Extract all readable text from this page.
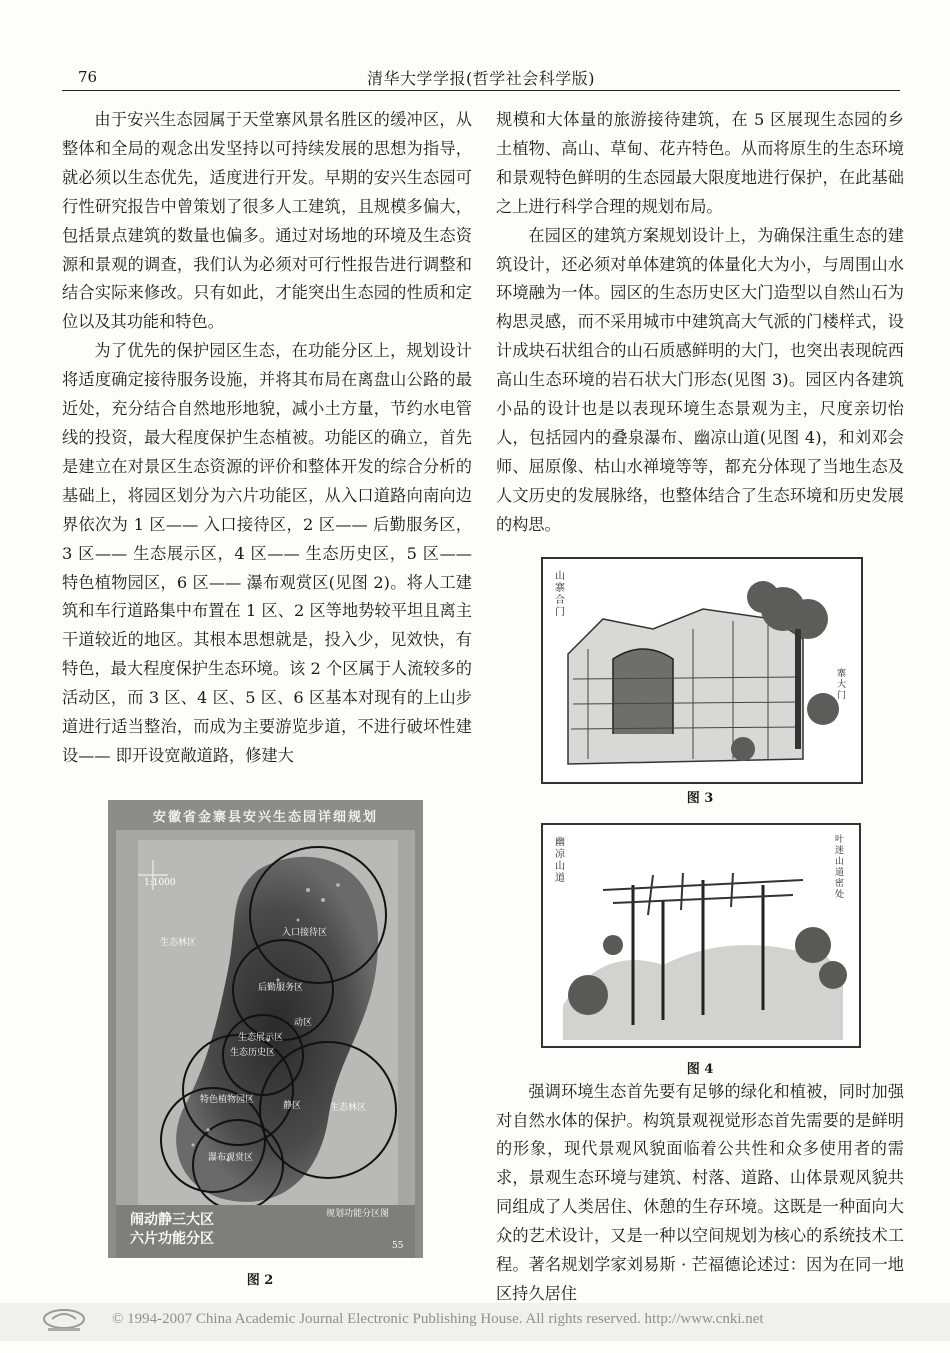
76	清华大学学报(哲学社会科学版)

由于安兴生态园属于天堂寨风景名胜区的缓冲区，从整体和全局的观念出发坚持以可持续发展的思想为指导，就必须以生态优先，适度进行开发。早期的安兴生态园可行性研究报告中曾策划了很多人工建筑，且规模多偏大，包括景点建筑的数量也偏多。通过对场地的环境及生态资源和景观的调查，我们认为必须对可行性报告进行调整和结合实际来修改。只有如此，才能突出生态园的性质和定位以及其功能和特色。

为了优先的保护园区生态，在功能分区上，规划设计将适度确定接待服务设施，并将其布局在离盘山公路的最近处，充分结合自然地形地貌，减小土方量，节约水电管线的投资，最大程度保护生态植被。功能区的确立，首先是建立在对景区生态资源的评价和整体开发的综合分析的基础上，将园区划分为六片功能区，从入口道路向南向边界依次为 1 区—— 入口接待区，2 区—— 后勤服务区，3 区—— 生态展示区，4 区—— 生态历史区，5 区—— 特色植物园区，6 区—— 瀑布观赏区(见图 2)。将人工建筑和车行道路集中布置在 1 区、2 区等地势较平坦且离主干道较近的地区。其根本思想就是，投入少，见效快，有特色，最大程度保护生态环境。该 2 个区属于人流较多的活动区，而 3 区、4 区、5 区、6 区基本对现有的上山步道进行适当整治，而成为主要游览步道，不进行破坏性建设—— 即开设宽敞道路，修建大

规模和大体量的旅游接待建筑，在 5 区展现生态园的乡土植物、高山、草甸、花卉特色。从而将原生的生态环境和景观特色鲜明的生态园最大限度地进行保护，在此基础之上进行科学合理的规划布局。

在园区的建筑方案规划设计上，为确保注重生态的建筑设计，还必须对单体建筑的体量化大为小，与周围山水环境融为一体。园区的生态历史区大门造型以自然山石为构思灵感，而不采用城市中建筑高大气派的门楼样式，设计成块石状组合的山石质感鲜明的大门，也突出表现皖西高山生态环境的岩石状大门形态(见图 3)。园区内各建筑小品的设计也是以表现环境生态景观为主，尺度亲切怡人，包括园内的叠泉瀑布、幽凉山道(见图 4)，和刘邓会师、屈原像、枯山水禅境等等，都充分体现了当地生态及人文历史的发展脉络，也整体结合了生态环境和历史发展的构思。

强调环境生态首先要有足够的绿化和植被，同时加强对自然水体的保护。构筑景观视觉形态首先需要的是鲜明的形象，现代景观风貌面临着公共性和众多使用者的需求，景观生态环境与建筑、村落、道路、山体景观风貌共同组成了人类居住、休憩的生存环境。这既是一种面向大众的艺术设计，又是一种以空间规划为核心的系统技术工程。著名规划学家刘易斯 · 芒福德论述过：因为在同一地区持久居住

安徽省金寨县安兴生态园详细规划
1:1000
生态林区
入口接待区
后勤服务区
生态展示区
生态历史区
特色植物园区
瀑布观赏区
静区
动区
生态林区
闹动静三大区
六片功能分区
规划功能分区图
55
图 2
山寨合门
寨大门
图 3
幽凉山道
叶迷山道密处
图 4
© 1994-2007 China Academic Journal Electronic Publishing House. All rights reserved. http://www.cnki.net
